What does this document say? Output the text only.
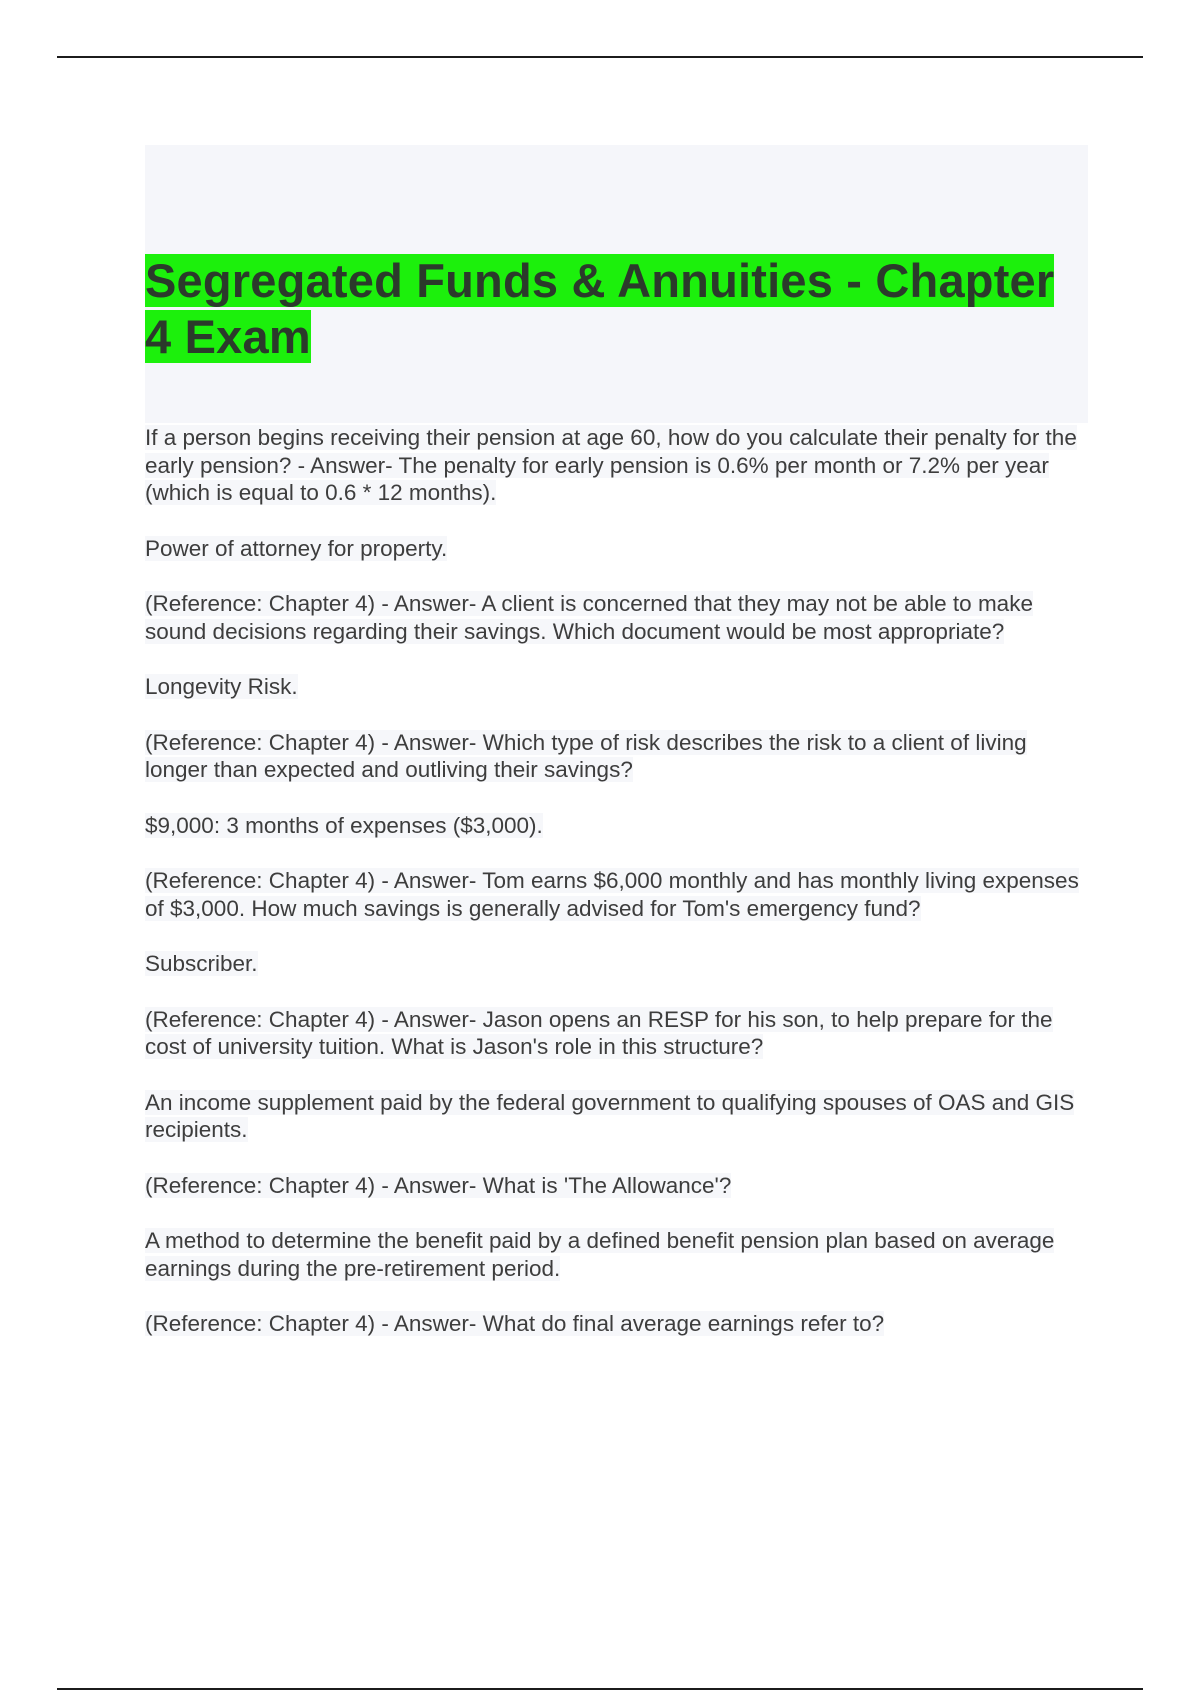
Segregated Funds & Annuities - Chapter 4 Exam

If a person begins receiving their pension at age 60, how do you calculate their penalty for the early pension? - Answer- The penalty for early pension is 0.6% per month or 7.2% per year (which is equal to 0.6 * 12 months).

Power of attorney for property.

(Reference: Chapter 4) - Answer- A client is concerned that they may not be able to make sound decisions regarding their savings. Which document would be most appropriate?

Longevity Risk.

(Reference: Chapter 4) - Answer- Which type of risk describes the risk to a client of living longer than expected and outliving their savings?

$9,000: 3 months of expenses ($3,000).

(Reference: Chapter 4) - Answer- Tom earns $6,000 monthly and has monthly living expenses of $3,000. How much savings is generally advised for Tom's emergency fund?

Subscriber.

(Reference: Chapter 4) - Answer- Jason opens an RESP for his son, to help prepare for the cost of university tuition. What is Jason's role in this structure?

An income supplement paid by the federal government to qualifying spouses of OAS and GIS recipients.

(Reference: Chapter 4) - Answer- What is 'The Allowance'?

A method to determine the benefit paid by a defined benefit pension plan based on average earnings during the pre-retirement period.

(Reference: Chapter 4) - Answer- What do final average earnings refer to?
